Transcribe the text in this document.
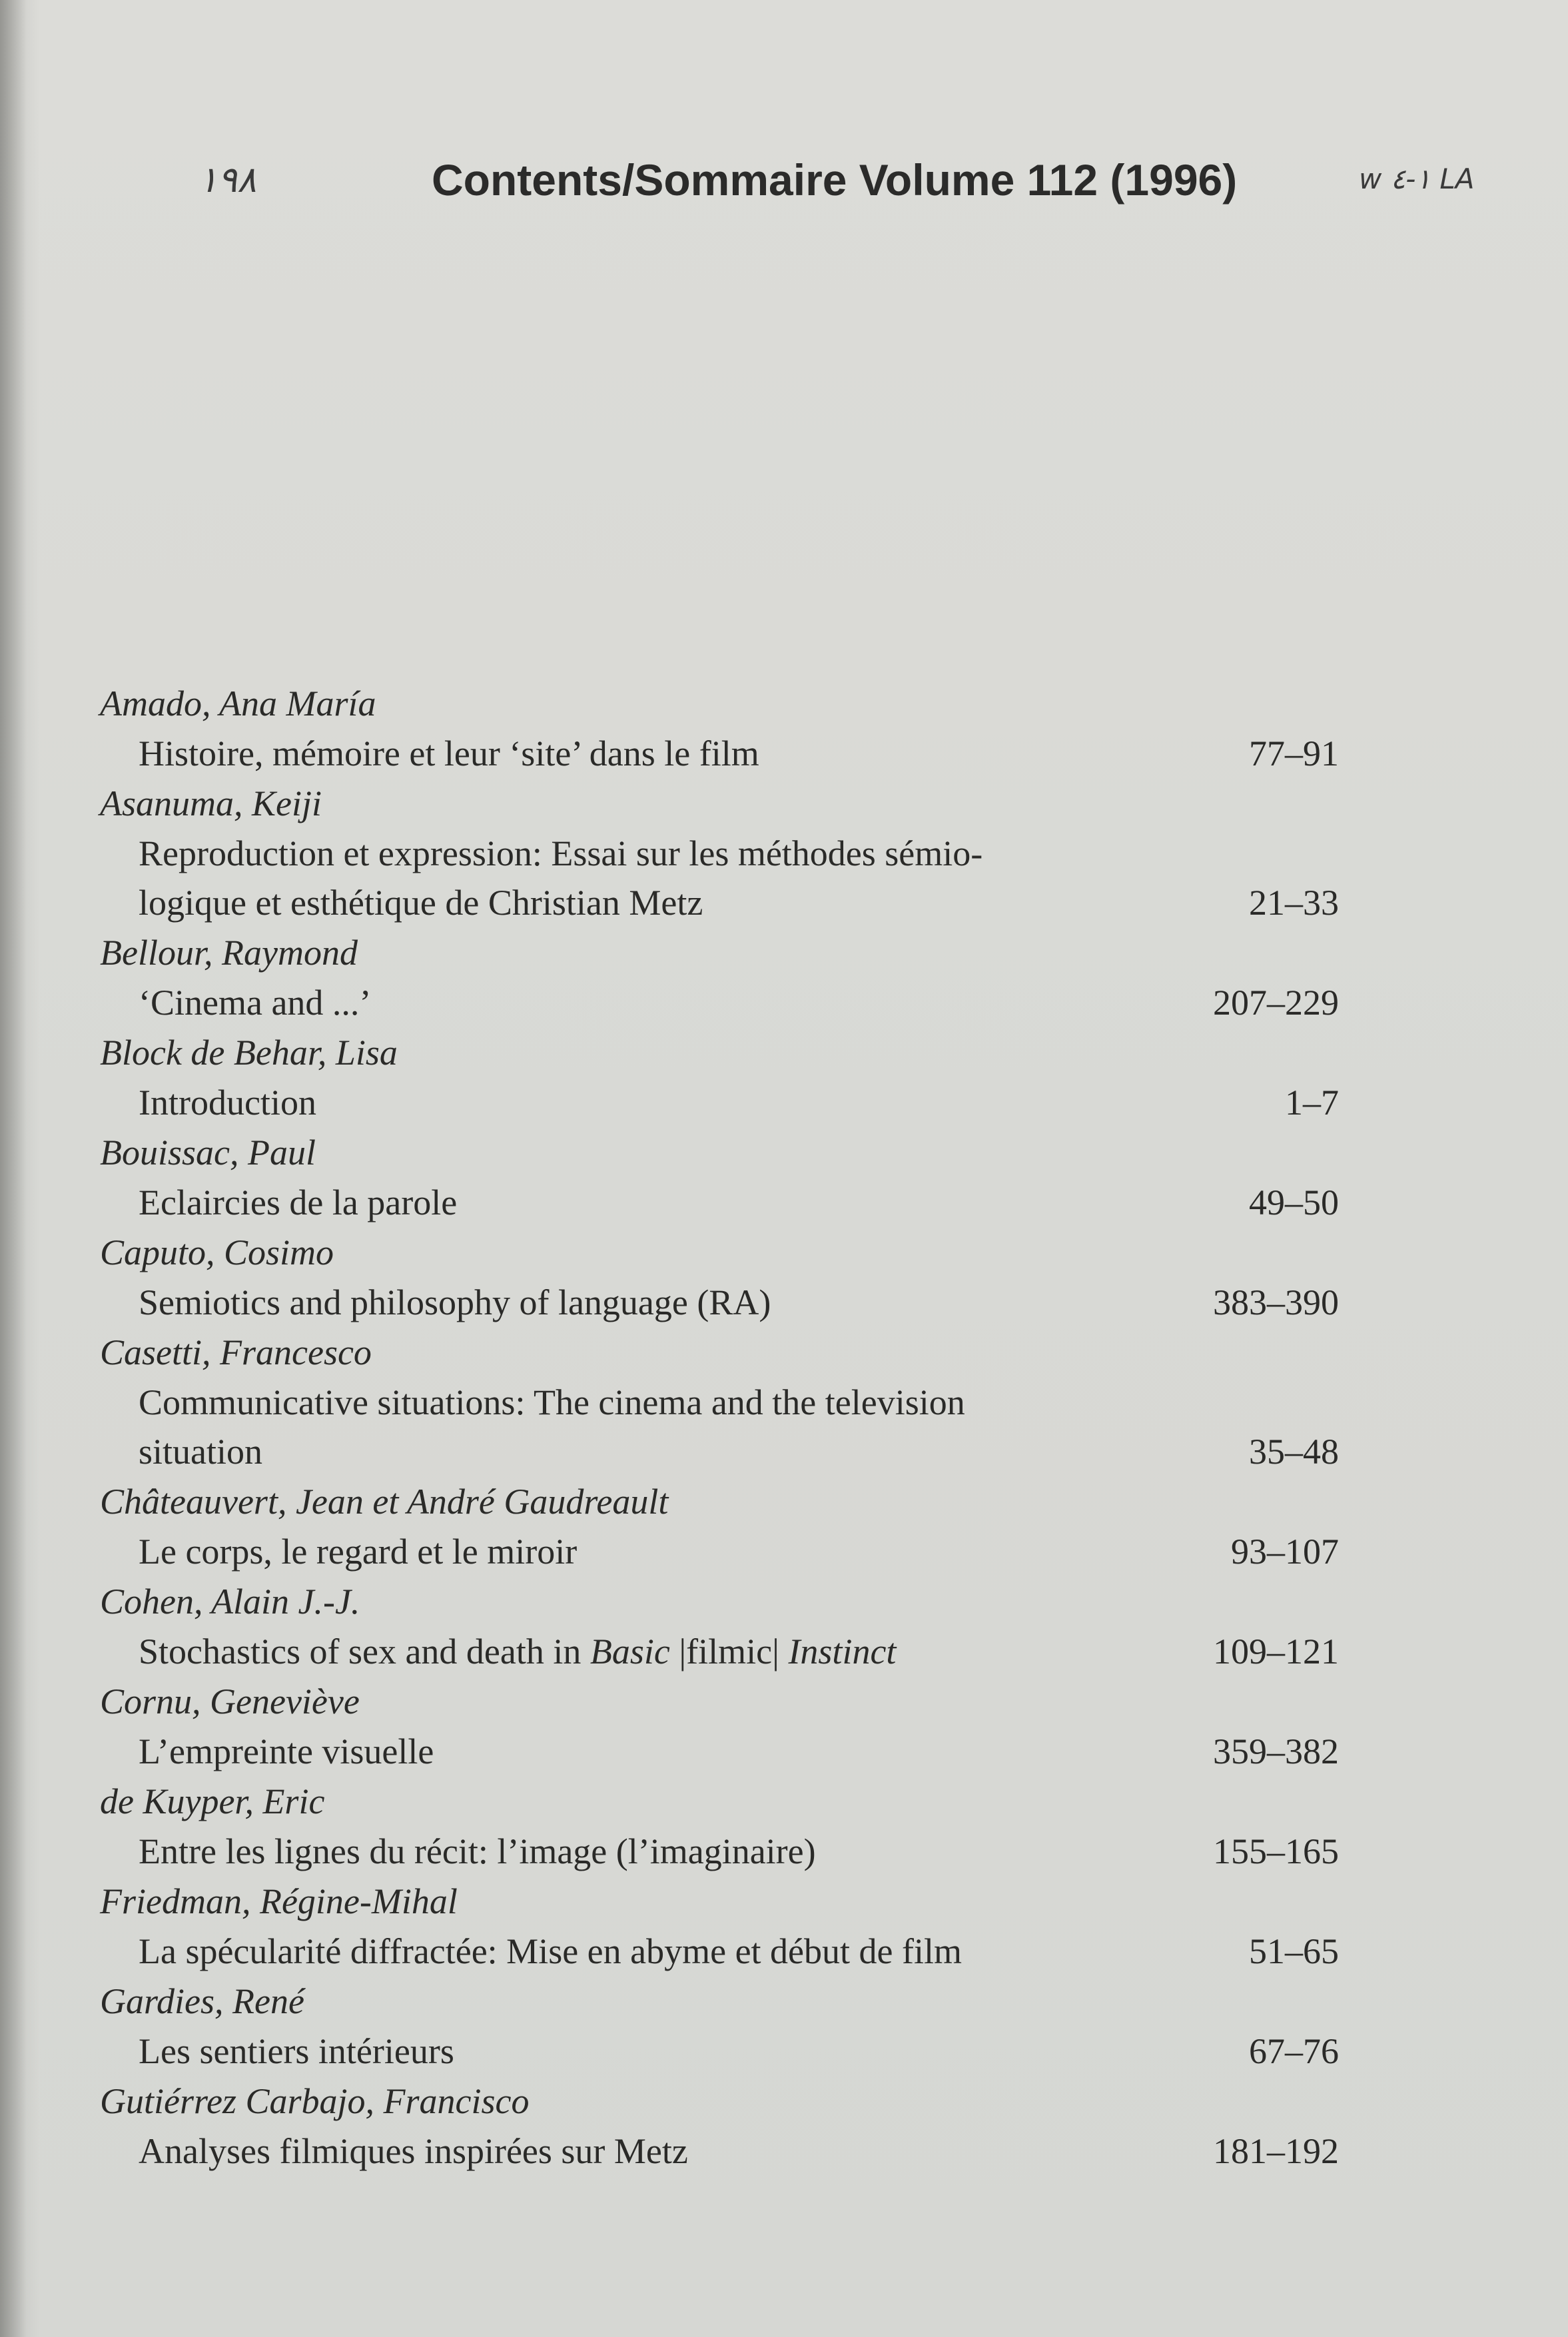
١٩٨	Contents/Sommaire Volume 112 (1996)	w ١-٤ LA
Amado, Ana María
Histoire, mémoire et leur ‘site’ dans le film	77–91
Asanuma, Keiji
Reproduction et expression: Essai sur les méthodes sémio-
logique et esthétique de Christian Metz	21–33
Bellour, Raymond
‘Cinema and ...’	207–229
Block de Behar, Lisa
Introduction	1–7
Bouissac, Paul
Eclaircies de la parole	49–50
Caputo, Cosimo
Semiotics and philosophy of language (RA)	383–390
Casetti, Francesco
Communicative situations: The cinema and the television
situation	35–48
Châteauvert, Jean et André Gaudreault
Le corps, le regard et le miroir	93–107
Cohen, Alain J.-J.
Stochastics of sex and death in Basic |filmic| Instinct	109–121
Cornu, Geneviève
L’empreinte visuelle	359–382
de Kuyper, Eric
Entre les lignes du récit: l’image (l’imaginaire)	155–165
Friedman, Régine-Mihal
La spécularité diffractée: Mise en abyme et début de film	51–65
Gardies, René
Les sentiers intérieurs	67–76
Gutiérrez Carbajo, Francisco
Analyses filmiques inspirées sur Metz	181–192
